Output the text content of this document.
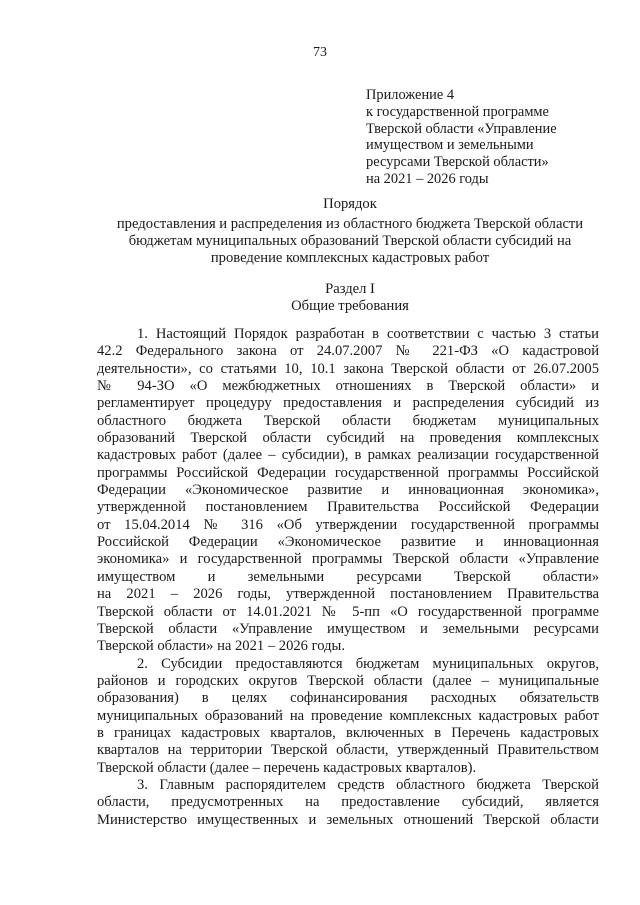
73
Приложение 4
к государственной программе
Тверской области «Управление
имуществом и земельными
ресурсами Тверской области»
на 2021 – 2026 годы
Порядок
предоставления и распределения из областного бюджета Тверской области
бюджетам муниципальных образований Тверской области субсидий на
проведение комплексных кадастровых работ
Раздел I
Общие требования
1. Настоящий Порядок разработан в соответствии с частью 3 статьи
42.2 Федерального закона от 24.07.2007 № 221-ФЗ «О кадастровой
деятельности», со статьями 10, 10.1 закона Тверской области от 26.07.2005
№ 94-ЗО «О межбюджетных отношениях в Тверской области» и
регламентирует процедуру предоставления и распределения субсидий из
областного бюджета Тверской области бюджетам муниципальных
образований Тверской области субсидий на проведения комплексных
кадастровых работ (далее – субсидии), в рамках реализации государственной
программы Российской Федерации государственной программы Российской
Федерации «Экономическое развитие и инновационная экономика»,
утвержденной постановлением Правительства Российской Федерации
от 15.04.2014 № 316 «Об утверждении государственной программы
Российской Федерации «Экономическое развитие и инновационная
экономика» и государственной программы Тверской области «Управление
имуществом и земельными ресурсами Тверской области»
на 2021 – 2026 годы, утвержденной постановлением Правительства
Тверской области от 14.01.2021 № 5-пп «О государственной программе
Тверской области «Управление имуществом и земельными ресурсами
Тверской области» на 2021 – 2026 годы.
2. Субсидии предоставляются бюджетам муниципальных округов,
районов и городских округов Тверской области (далее – муниципальные
образования) в целях софинансирования расходных обязательств
муниципальных образований на проведение комплексных кадастровых работ
в границах кадастровых кварталов, включенных в Перечень кадастровых
кварталов на территории Тверской области, утвержденный Правительством
Тверской области (далее – перечень кадастровых кварталов).
3. Главным распорядителем средств областного бюджета Тверской
области, предусмотренных на предоставление субсидий, является
Министерство имущественных и земельных отношений Тверской области
